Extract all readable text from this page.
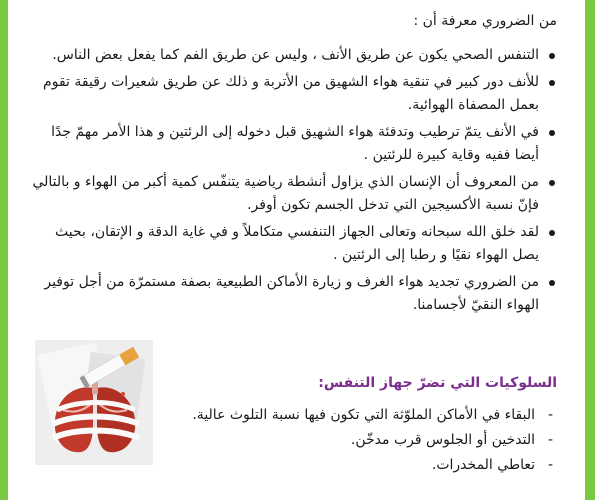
من الضروري معرفة أن :
التنفس الصحي يكون عن طريق الأنف ، وليس عن طريق الفم كما يفعل بعض الناس.
للأنف دور كبير في تنقية هواء الشهيق من الأتربة و ذلك عن طريق شعيرات رقيقة تقوم بعمل المصفاة الهوائية.
في الأنف يتمّ ترطيب وتدفئة هواء الشهيق قبل دخوله إلى الرئتين و هذا الأمر مهمّ جدًا أيضا ففيه وقاية كبيرة للرئتين .
من المعروف أن الإنسان الذي يزاول أنشطة رياضية يتنفّس كمية أكبر من الهواء و بالتالي فإنّ نسبة الأكسيجين التي تدخل الجسم تكون أوفر.
لقد خلق الله سبحانه وتعالى الجهاز التنفسي متكاملاً و في غاية الدقة و الإتقان، بحيث يصل الهواء نقيًا و رطبا إلى الرئتين .
من الضروري تجديد هواء الغرف و زيارة الأماكن الطبيعية بصفة مستمرّة من أجل توفير الهواء النقيّ لأجسامنا.
السلوكيات التي تضرّ جهاز التنفس:
-
البقاء في الأماكن الملوّثة التي تكون فيها نسبة التلوث عالية.
-
التدخين أو الجلوس قرب مدخّن.
-
تعاطي المخدرات.
